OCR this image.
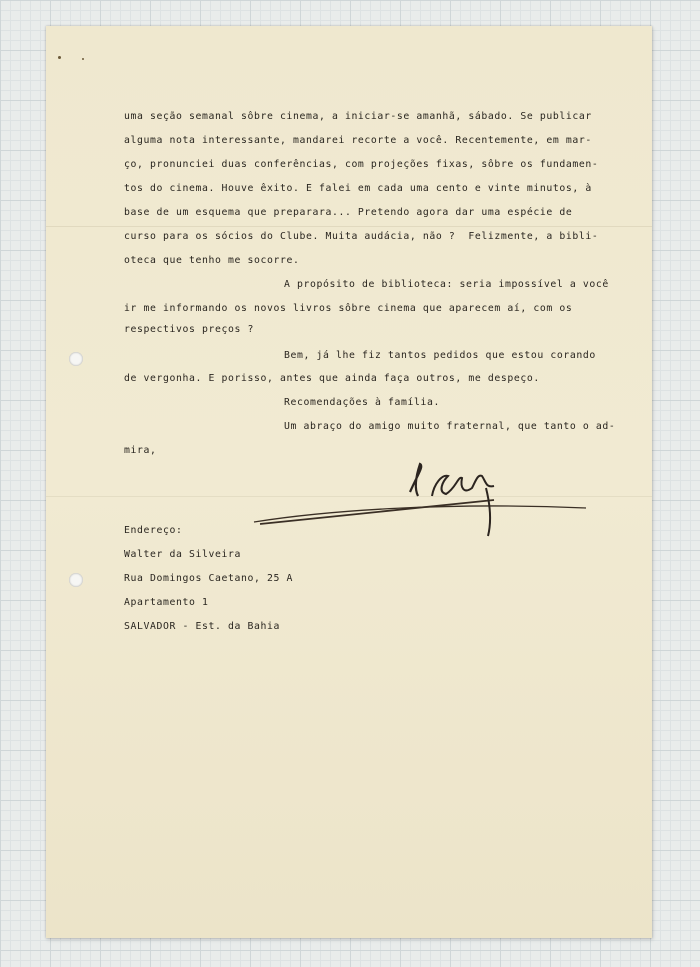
uma seção semanal sôbre cinema, a iniciar-se amanhã, sábado. Se publicar
alguma nota interessante, mandarei recorte a você. Recentemente, em mar-
ço, pronunciei duas conferências, com projeções fixas, sôbre os fundamen-
tos do cinema. Houve êxito. E falei em cada uma cento e vinte minutos, à
base de um esquema que preparara... Pretendo agora dar uma espécie de
curso para os sócios do Clube. Muita audácia, não ?  Felizmente, a bibli-
oteca que tenho me socorre.
A propósito de biblioteca: seria impossível a você
ir me informando os novos livros sôbre cinema que aparecem aí, com os
respectivos preços ?
Bem, já lhe fiz tantos pedidos que estou corando
de vergonha. E porisso, antes que ainda faça outros, me despeço.
Recomendações à família.
Um abraço do amigo muito fraternal, que tanto o ad-
mira,
Endereço:
Walter da Silveira
Rua Domingos Caetano, 25 A
Apartamento 1
SALVADOR - Est. da Bahia
